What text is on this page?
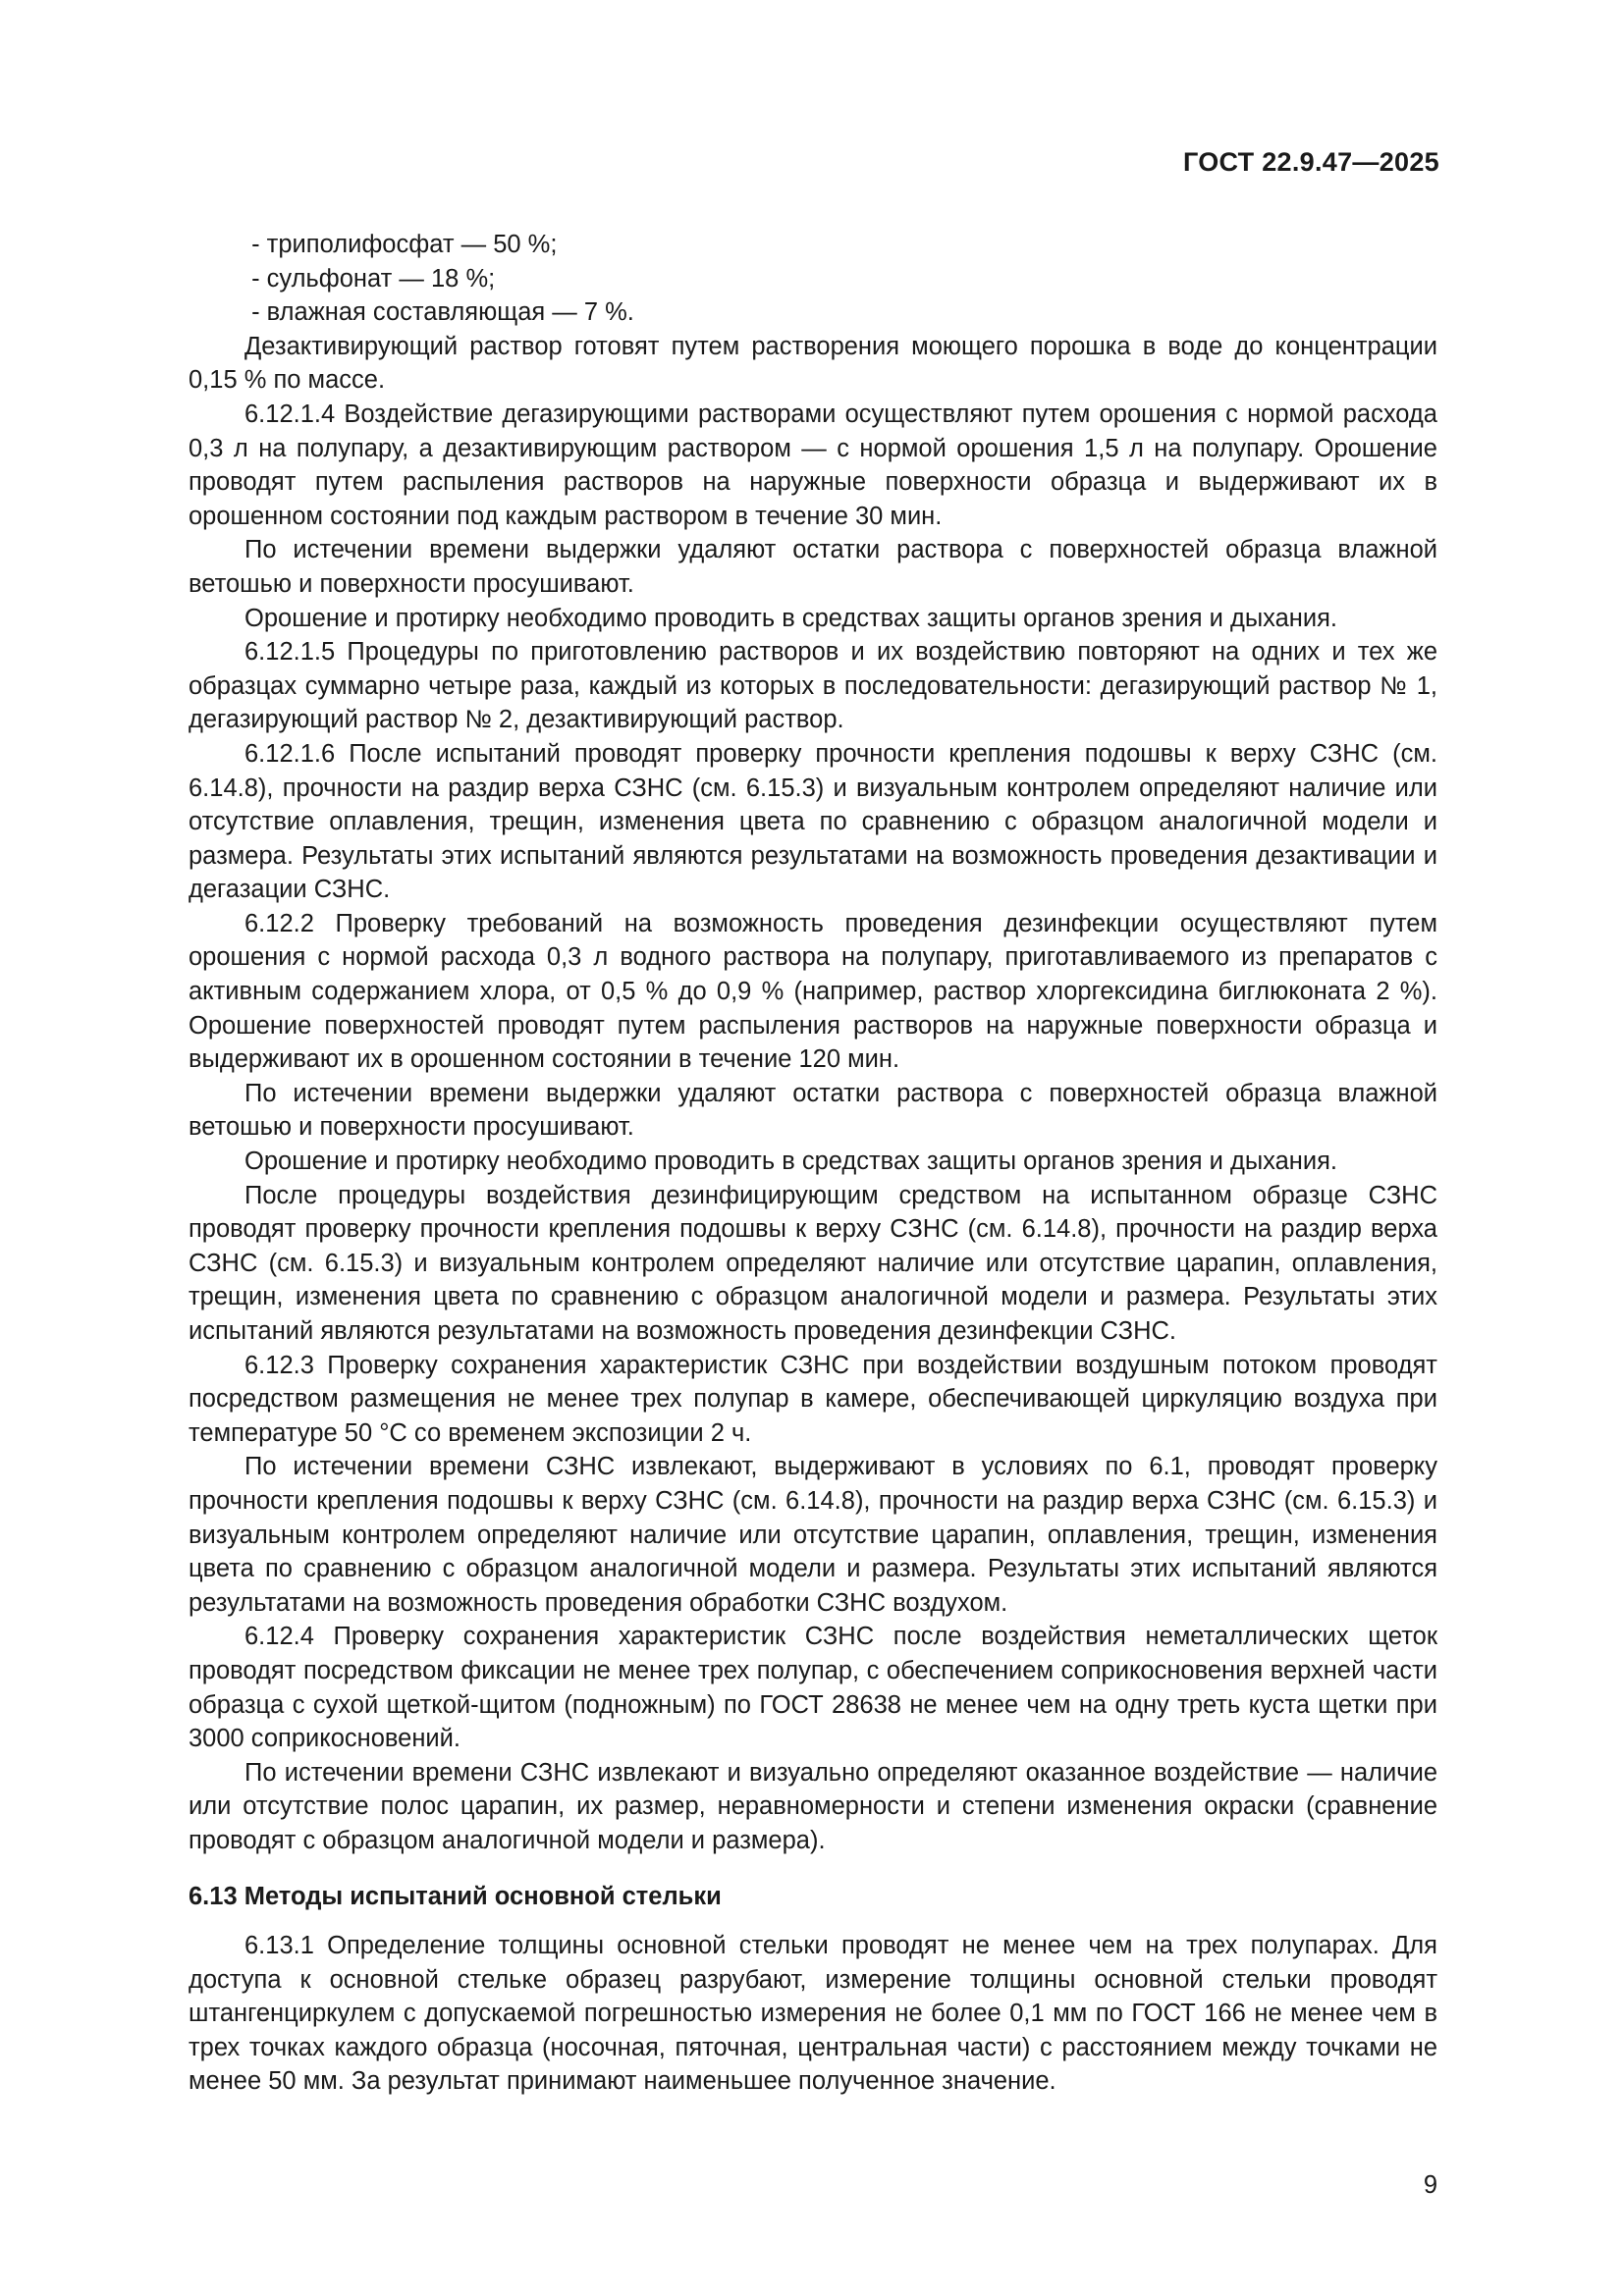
ГОСТ 22.9.47—2025
- триполифосфат — 50 %;
- сульфонат — 18 %;
- влажная составляющая — 7 %.

Дезактивирующий раствор готовят путем растворения моющего порошка в воде до концентрации 0,15 % по массе.

6.12.1.4 Воздействие дегазирующими растворами осуществляют путем орошения с нормой расхода 0,3 л на полупару, а дезактивирующим раствором — с нормой орошения 1,5 л на полупару. Орошение проводят путем распыления растворов на наружные поверхности образца и выдерживают их в орошенном состоянии под каждым раствором в течение 30 мин.

По истечении времени выдержки удаляют остатки раствора с поверхностей образца влажной ветошью и поверхности просушивают.

Орошение и протирку необходимо проводить в средствах защиты органов зрения и дыхания.

6.12.1.5 Процедуры по приготовлению растворов и их воздействию повторяют на одних и тех же образцах суммарно четыре раза, каждый из которых в последовательности: дегазирующий раствор № 1, дегазирующий раствор № 2, дезактивирующий раствор.

6.12.1.6 После испытаний проводят проверку прочности крепления подошвы к верху СЗНС (см. 6.14.8), прочности на раздир верха СЗНС (см. 6.15.3) и визуальным контролем определяют наличие или отсутствие оплавления, трещин, изменения цвета по сравнению с образцом аналогичной модели и размера. Результаты этих испытаний являются результатами на возможность проведения дезактивации и дегазации СЗНС.

6.12.2 Проверку требований на возможность проведения дезинфекции осуществляют путем орошения с нормой расхода 0,3 л водного раствора на полупару, приготавливаемого из препаратов с активным содержанием хлора, от 0,5 % до 0,9 % (например, раствор хлоргексидина биглюконата 2 %). Орошение поверхностей проводят путем распыления растворов на наружные поверхности образца и выдерживают их в орошенном состоянии в течение 120 мин.

По истечении времени выдержки удаляют остатки раствора с поверхностей образца влажной ветошью и поверхности просушивают.

Орошение и протирку необходимо проводить в средствах защиты органов зрения и дыхания.

После процедуры воздействия дезинфицирующим средством на испытанном образце СЗНС проводят проверку прочности крепления подошвы к верху СЗНС (см. 6.14.8), прочности на раздир верха СЗНС (см. 6.15.3) и визуальным контролем определяют наличие или отсутствие царапин, оплавления, трещин, изменения цвета по сравнению с образцом аналогичной модели и размера. Результаты этих испытаний являются результатами на возможность проведения дезинфекции СЗНС.

6.12.3 Проверку сохранения характеристик СЗНС при воздействии воздушным потоком проводят посредством размещения не менее трех полупар в камере, обеспечивающей циркуляцию воздуха при температуре 50 °С со временем экспозиции 2 ч.

По истечении времени СЗНС извлекают, выдерживают в условиях по 6.1, проводят проверку прочности крепления подошвы к верху СЗНС (см. 6.14.8), прочности на раздир верха СЗНС (см. 6.15.3) и визуальным контролем определяют наличие или отсутствие царапин, оплавления, трещин, изменения цвета по сравнению с образцом аналогичной модели и размера. Результаты этих испытаний являются результатами на возможность проведения обработки СЗНС воздухом.

6.12.4 Проверку сохранения характеристик СЗНС после воздействия неметаллических щеток проводят посредством фиксации не менее трех полупар, с обеспечением соприкосновения верхней части образца с сухой щеткой-щитом (подножным) по ГОСТ 28638 не менее чем на одну треть куста щетки при 3000 соприкосновений.

По истечении времени СЗНС извлекают и визуально определяют оказанное воздействие — наличие или отсутствие полос царапин, их размер, неравномерности и степени изменения окраски (сравнение проводят с образцом аналогичной модели и размера).

6.13 Методы испытаний основной стельки

6.13.1 Определение толщины основной стельки проводят не менее чем на трех полупарах. Для доступа к основной стельке образец разрубают, измерение толщины основной стельки проводят штангенциркулем с допускаемой погрешностью измерения не более 0,1 мм по ГОСТ 166 не менее чем в трех точках каждого образца (носочная, пяточная, центральная части) с расстоянием между точками не менее 50 мм. За результат принимают наименьшее полученное значение.

9
